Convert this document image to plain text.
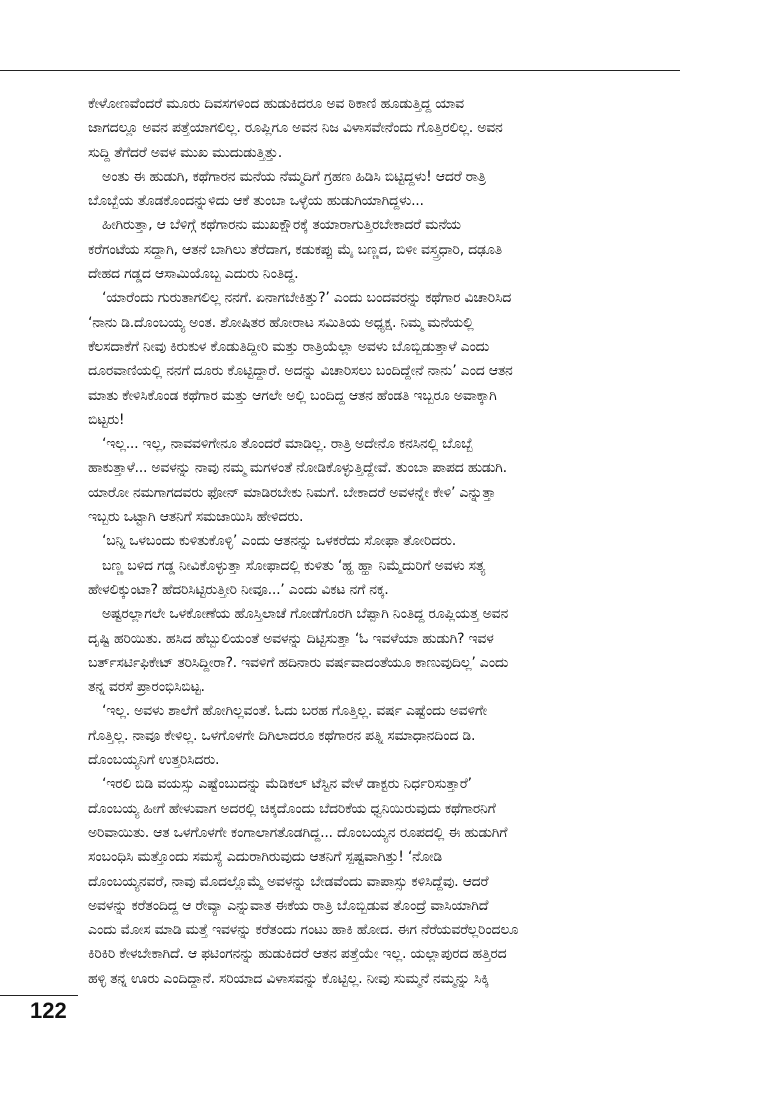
ಕೇಳೋಣವೆಂದರೆ ಮೂರು ದಿವಸಗಳಿಂದ ಹುಡುಕಿದರೂ ಅವ ಠಿಕಾಣಿ ಹೂಡುತ್ತಿದ್ದ ಯಾವ
ಜಾಗದಲ್ಲೂ ಅವನ ಪತ್ತೆಯಾಗಲಿಲ್ಲ. ರೂಪ್ಲಿಗೂ ಅವನ ನಿಜ ವಿಳಾಸವೇನೆಂದು ಗೊತ್ತಿರಲಿಲ್ಲ. ಅವನ
ಸುದ್ದಿ ತೆಗೆದರೆ ಅವಳ ಮುಖ ಮುದುಡುತ್ತಿತ್ತು.
ಅಂತು ಈ ಹುಡುಗಿ, ಕಥೆಗಾರನ ಮನೆಯ ನೆಮ್ಮದಿಗೆ ಗ್ರಹಣ ಹಿಡಿಸಿ ಬಿಟ್ಟಿದ್ದಳು! ಆದರೆ ರಾತ್ರಿ
ಬೊಬ್ಬೆಯ ತೊಡಕೊಂದನ್ನುಳಿದು ಆಕೆ ತುಂಬಾ ಒಳ್ಳೆಯ ಹುಡುಗಿಯಾಗಿದ್ದಳು...
ಹೀಗಿರುತ್ತಾ, ಆ ಬೆಳಿಗ್ಗೆ ಕಥೆಗಾರನು ಮುಖಕ್ಷೌರಕ್ಕೆ ತಯಾರಾಗುತ್ತಿರಬೇಕಾದರೆ ಮನೆಯ
ಕರೆಗಂಟೆಯ ಸದ್ದಾಗಿ, ಆತನೆ ಬಾಗಿಲು ತೆರೆದಾಗ, ಕಡುಕಪ್ಪು ಮೈ ಬಣ್ಣದ, ಬಿಳೀ ವಸ್ತ್ರಧಾರಿ, ದಢೂತಿ
ದೇಹದ ಗಡ್ಡದ ಆಸಾಮಿಯೊಬ್ಬ ಎದುರು ನಿಂತಿದ್ದ.
‘ಯಾರೆಂದು ಗುರುತಾಗಲಿಲ್ಲ ನನಗೆ. ಏನಾಗಬೇಕಿತ್ತು?’ ಎಂದು ಬಂದವರನ್ನು ಕಥೆಗಾರ ವಿಚಾರಿಸಿದ
‘ನಾನು ಡಿ.ದೊಂಬಯ್ಯ ಅಂತ. ಶೋಷಿತರ ಹೋರಾಟ ಸಮಿತಿಯ ಅಧ್ಯಕ್ಷ. ನಿಮ್ಮ ಮನೆಯಲ್ಲಿ
ಕೆಲಸದಾಕೆಗೆ ನೀವು ಕಿರುಕುಳ ಕೊಡುತಿದ್ದೀರಿ ಮತ್ತು ರಾತ್ರಿಯೆಲ್ಲಾ ಅವಳು ಬೊಬ್ಬಿಡುತ್ತಾಳೆ ಎಂದು
ದೂರವಾಣಿಯಲ್ಲಿ ನನಗೆ ದೂರು ಕೊಟ್ಟಿದ್ದಾರೆ. ಅದನ್ನು ವಿಚಾರಿಸಲು ಬಂದಿದ್ದೇನೆ ನಾನು’ ಎಂದ ಆತನ
ಮಾತು ಕೇಳಿಸಿಕೊಂಡ ಕಥೆಗಾರ ಮತ್ತು ಆಗಲೇ ಅಲ್ಲಿ ಬಂದಿದ್ದ ಆತನ ಹೆಂಡತಿ ಇಬ್ಬರೂ ಅವಾಕ್ಕಾಗಿ
ಬಿಟ್ಟರು!
‘ಇಲ್ಲ... ಇಲ್ಲ, ನಾವವಳಿಗೇನೂ ತೊಂದರೆ ಮಾಡಿಲ್ಲ. ರಾತ್ರಿ ಅದೇನೊ ಕನಸಿನಲ್ಲಿ ಬೊಬ್ಬೆ
ಹಾಕುತ್ತಾಳೆ... ಅವಳನ್ನು ನಾವು ನಮ್ಮ ಮಗಳಂತೆ ನೋಡಿಕೊಳ್ಳುತ್ತಿದ್ದೇವೆ. ತುಂಬಾ ಪಾಪದ ಹುಡುಗಿ.
ಯಾರೋ ನಮಗಾಗದವರು ಫೋನ್ ಮಾಡಿರಬೇಕು ನಿಮಗೆ. ಬೇಕಾದರೆ ಅವಳನ್ನೇ ಕೇಳಿ’ ಎನ್ನುತ್ತಾ
ಇಬ್ಬರು ಒಟ್ಟಾಗಿ ಆತನಿಗೆ ಸಮಜಾಯಿಸಿ ಹೇಳಿದರು.
‘ಬನ್ನಿ ಒಳಬಂದು ಕುಳಿತುಕೊಳ್ಳಿ’ ಎಂದು ಆತನನ್ನು ಒಳಕರೆದು ಸೋಫಾ ತೋರಿದರು.
ಬಣ್ಣ ಬಳಿದ ಗಡ್ಡ ನೀವಿಕೊಳ್ಳುತ್ತಾ ಸೋಫಾದಲ್ಲಿ ಕುಳಿತು ‘ಹ್ಹ ಹ್ಹಾ ನಿಮ್ಮೆದುರಿಗೆ ಅವಳು ಸತ್ಯ
ಹೇಳಲಿಕ್ಕುಂಟಾ? ಹೆದರಿಸಿಟ್ಟಿರುತ್ತೀರಿ ನೀವೂ...’ ಎಂದು ವಿಕಟ ನಗೆ ನಕ್ಕ.
ಅಷ್ಟರಲ್ಲಾಗಲೇ ಒಳಕೋಣೆಯ ಹೊಸ್ತಿಲಾಚೆ ಗೋಡೆಗೊರಗಿ ಬೆಪ್ಪಾಗಿ ನಿಂತಿದ್ದ ರೂಪ್ಲಿಯತ್ತ ಅವನ
ದೃಷ್ಟಿ ಹರಿಯಿತು. ಹಸಿದ ಹೆಬ್ಬುಲಿಯಂತೆ ಅವಳನ್ನು ದಿಟ್ಟಿಸುತ್ತಾ ‘ಓ ಇವಳೆಯಾ ಹುಡುಗಿ? ಇವಳ
ಬರ್ತ್‌ಸರ್ಟಿಫಿಕೇಟ್ ತರಿಸಿದ್ದೀರಾ?. ಇವಳಿಗೆ ಹದಿನಾರು ವರ್ಷವಾದಂತೆಯೂ ಕಾಣುವುದಿಲ್ಲ’ ಎಂದು
ತನ್ನ ವರಸೆ ಪ್ರಾರಂಭಿಸಿಬಿಟ್ಟ.
‘ಇಲ್ಲ. ಅವಳು ಶಾಲೆಗೆ ಹೋಗಿಲ್ಲವಂತೆ. ಓದು ಬರಹ ಗೊತ್ತಿಲ್ಲ. ವರ್ಷ ಎಷ್ಟೆಂದು ಅವಳಿಗೇ
ಗೊತ್ತಿಲ್ಲ. ನಾವೂ ಕೇಳಿಲ್ಲ. ಒಳಗೊಳಗೇ ದಿಗಿಲಾದರೂ ಕಥೆಗಾರನ ಪತ್ನಿ ಸಮಾಧಾನದಿಂದ ಡಿ.
ದೊಂಬಯ್ಯನಿಗೆ ಉತ್ತರಿಸಿದರು.
‘ಇರಲಿ ಬಿಡಿ ವಯಸ್ಸು ಎಷ್ಟೆಂಬುದನ್ನು ಮೆಡಿಕಲ್ ಟೆಸ್ಟಿನ ವೇಳೆ ಡಾಕ್ಟರು ನಿರ್ಧರಿಸುತ್ತಾರೆ’
ದೊಂಬಯ್ಯ ಹೀಗೆ ಹೇಳುವಾಗ ಅದರಲ್ಲಿ ಚಿಕ್ಕದೊಂದು ಬೆದರಿಕೆಯ ಧ್ವನಿಯಿರುವುದು ಕಥೆಗಾರನಿಗೆ
ಅರಿವಾಯಿತು. ಆತ ಒಳಗೊಳಗೇ ಕಂಗಾಲಾಗತೊಡಗಿದ್ದ... ದೊಂಬಯ್ಯನ ರೂಪದಲ್ಲಿ ಈ ಹುಡುಗಿಗೆ
ಸಂಬಂಧಿಸಿ ಮತ್ತೊಂದು ಸಮಸ್ಯೆ ಎದುರಾಗಿರುವುದು ಆತನಿಗೆ ಸ್ಪಷ್ಟವಾಗಿತ್ತು! ‘ನೋಡಿ
ದೊಂಬಯ್ಯನವರೆ, ನಾವು ಮೊದಲ್ಲೊಮ್ಮೆ ಅವಳನ್ನು ಬೇಡವೆಂದು ವಾಪಾಸ್ಸು ಕಳಿಸಿದ್ದೆವು. ಆದರೆ
ಅವಳನ್ನು ಕರೆತಂದಿದ್ದ ಆ ರೇವ್ಯಾ ಎನ್ನುವಾತ ಈಕೆಯ ರಾತ್ರಿ ಬೊಬ್ಬಿಡುವ ತೊಂದ್ರೆ ವಾಸಿಯಾಗಿದೆ
ಎಂದು ಮೋಸ ಮಾಡಿ ಮತ್ತೆ ಇವಳನ್ನು ಕರೆತಂದು ಗಂಟು ಹಾಕಿ ಹೋದ. ಈಗ ನೆರೆಯವರೆಲ್ಲರಿಂದಲೂ
ಕಿರಿಕಿರಿ ಕೇಳಬೇಕಾಗಿದೆ. ಆ ಫಟಿಂಗನನ್ನು ಹುಡುಕಿದರೆ ಆತನ ಪತ್ತೆಯೇ ಇಲ್ಲ. ಯಲ್ಲಾಪುರದ ಹತ್ತಿರದ
ಹಳ್ಳಿ ತನ್ನ ಊರು ಎಂದಿದ್ದಾನೆ. ಸರಿಯಾದ ವಿಳಾಸವನ್ನು ಕೊಟ್ಟಿಲ್ಲ. ನೀವು ಸುಮ್ಮನೆ ನಮ್ಮನ್ನು ಸಿಕ್ಕಿ
122
